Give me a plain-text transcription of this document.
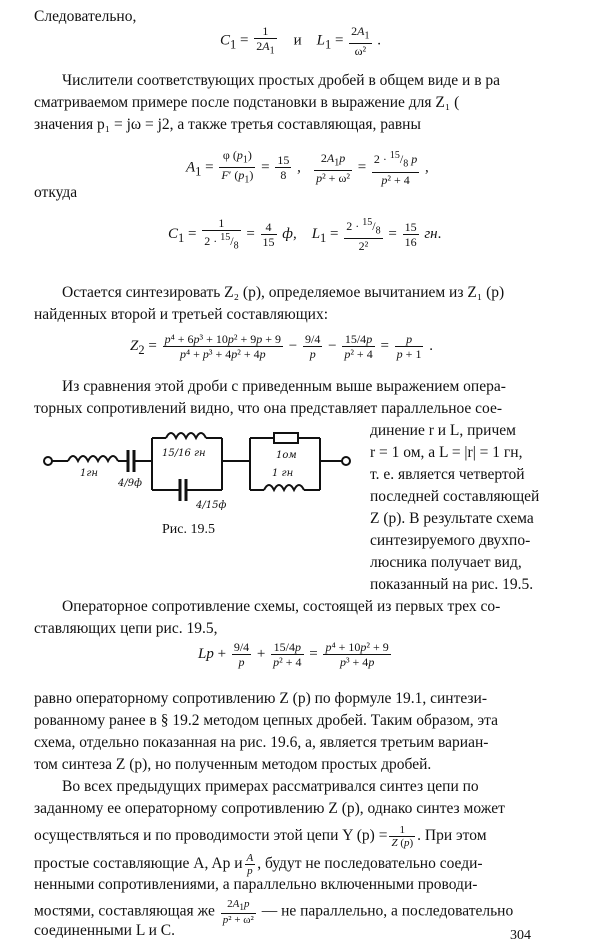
Следовательно,
$C_1 = \frac{1}{2A_1}$ и    $L_1 = \frac{2A_1}{\text{ω²}}$ .
Числители соответствующих простых дробей в общем виде и в ра
сматриваемом примере после подстановки в выражение для Z₁ (
значения p₁ = jω = j2, а также третья составляющая, равны
$A_1 = \frac{\varphi (p_1)}{F' (p_1)} = \frac{15}{8}$ , $\frac{2A_1p}{\text{p² + ω²}} = \frac{2 \cdot ^{15}/_8 p}{\text{p² + 4}}$ ,
откуда
$C_1 = \frac{1}{2 \cdot ^{15}/_8} = \frac{4}{15} ф$,    $L_1 = \frac{2 \cdot ^{15}/_8}{\text{2²}} = \frac{15}{16}$ гн.
Остается синтезировать Z₂ (p), определяемое вычитанием из Z₁ (p)
найденных второй и третьей составляющих:
$Z_2 = \frac{\text{p⁴ + 6p³ + 10p² + 9p + 9}}{\text{p⁴ + p³ + 4p² + 4p}} - \frac{9/4}{p} - \frac{15/4p}{\text{p² + 4}} = \frac{p}{p + 1}$ .
Из сравнения этой дроби с приведенным выше выражением опера-
торных сопротивлений видно, что она представляет параллельное сое-
динение r и L, причем
r = 1 ом, а L = |r| = 1 гн,
т. е. является четвертой
последней составляющей
Z (p). В результате схема
синтезируемого двухпо-
люсника получает вид,
показанный на рис. 19.5.
1гн
4/9ф
15/16 гн
4/15ф
1ом
1 гн
Рис. 19.5
Операторное сопротивление схемы, состоящей из первых трех со-
ставляющих цепи рис. 19.5,
$Lp + \frac{9/4}{p} + \frac{15/4p}{\text{p² + 4}} = \frac{\text{p⁴ + 10p² + 9}}{\text{p³ + 4p}}$
равно операторному сопротивлению Z (p) по формуле 19.1, синтези-
рованному ранее в § 19.2 методом цепных дробей. Таким образом, эта
схема, отдельно показанная на рис. 19.6, а, является третьим вариан-
том синтеза Z (p), но полученным методом простых дробей.
Во всех предыдущих примерах рассматривался синтез цепи по
заданному ее операторному сопротивлению Z (p), однако синтез может
осуществляться и по проводимости этой цепи Y $(p) = \frac{1}{Z (p)}$ . При этом
простые составляющие A, Ap и $\frac{A}{p}$ , будут не последовательно соеди-
ненными сопротивлениями, а параллельно включенными проводи-
мостями, составляющая же $\frac{2A_1p}{\text{p² + ω²}}$ — не параллельно, а последовательно
соединенными L и C.	304
